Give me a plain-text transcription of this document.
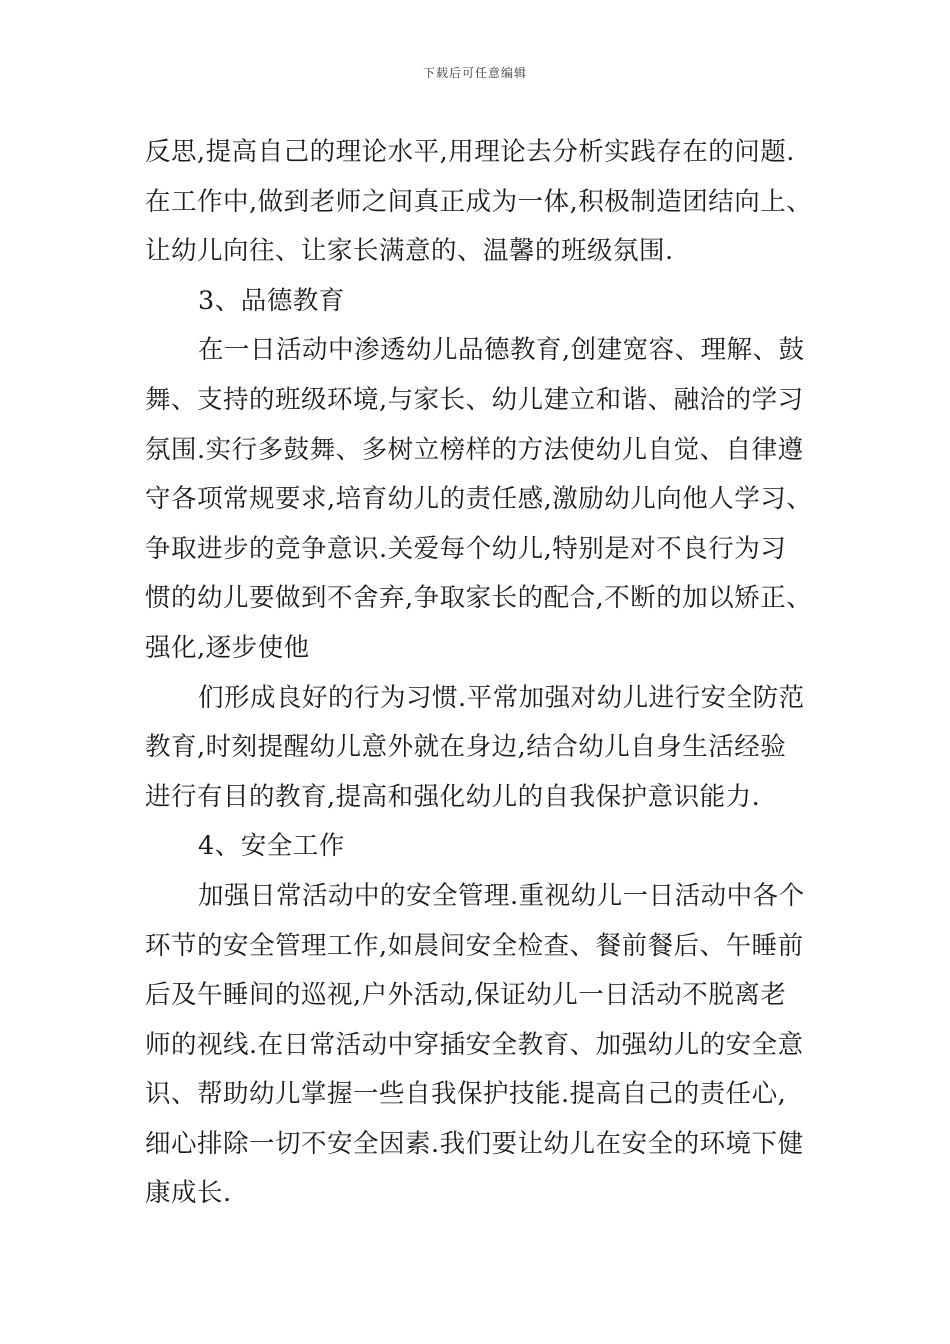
下载后可任意编辑
反思,提高自己的理论水平,用理论去分析实践存在的问题.
在工作中,做到老师之间真正成为一体,积极制造团结向上、
让幼儿向往、让家长满意的、温馨的班级氛围.
3、品德教育
在一日活动中渗透幼儿品德教育,创建宽容、理解、鼓
舞、支持的班级环境,与家长、幼儿建立和谐、融洽的学习
氛围.实行多鼓舞、多树立榜样的方法使幼儿自觉、自律遵
守各项常规要求,培育幼儿的责任感,激励幼儿向他人学习、
争取进步的竞争意识.关爱每个幼儿,特别是对不良行为习
惯的幼儿要做到不舍弃,争取家长的配合,不断的加以矫正、
强化,逐步使他
们形成良好的行为习惯.平常加强对幼儿进行安全防范
教育,时刻提醒幼儿意外就在身边,结合幼儿自身生活经验
进行有目的教育,提高和强化幼儿的自我保护意识能力.
4、安全工作
加强日常活动中的安全管理.重视幼儿一日活动中各个
环节的安全管理工作,如晨间安全检查、餐前餐后、午睡前
后及午睡间的巡视,户外活动,保证幼儿一日活动不脱离老
师的视线.在日常活动中穿插安全教育、加强幼儿的安全意
识、帮助幼儿掌握一些自我保护技能.提高自己的责任心,
细心排除一切不安全因素.我们要让幼儿在安全的环境下健
康成长.
